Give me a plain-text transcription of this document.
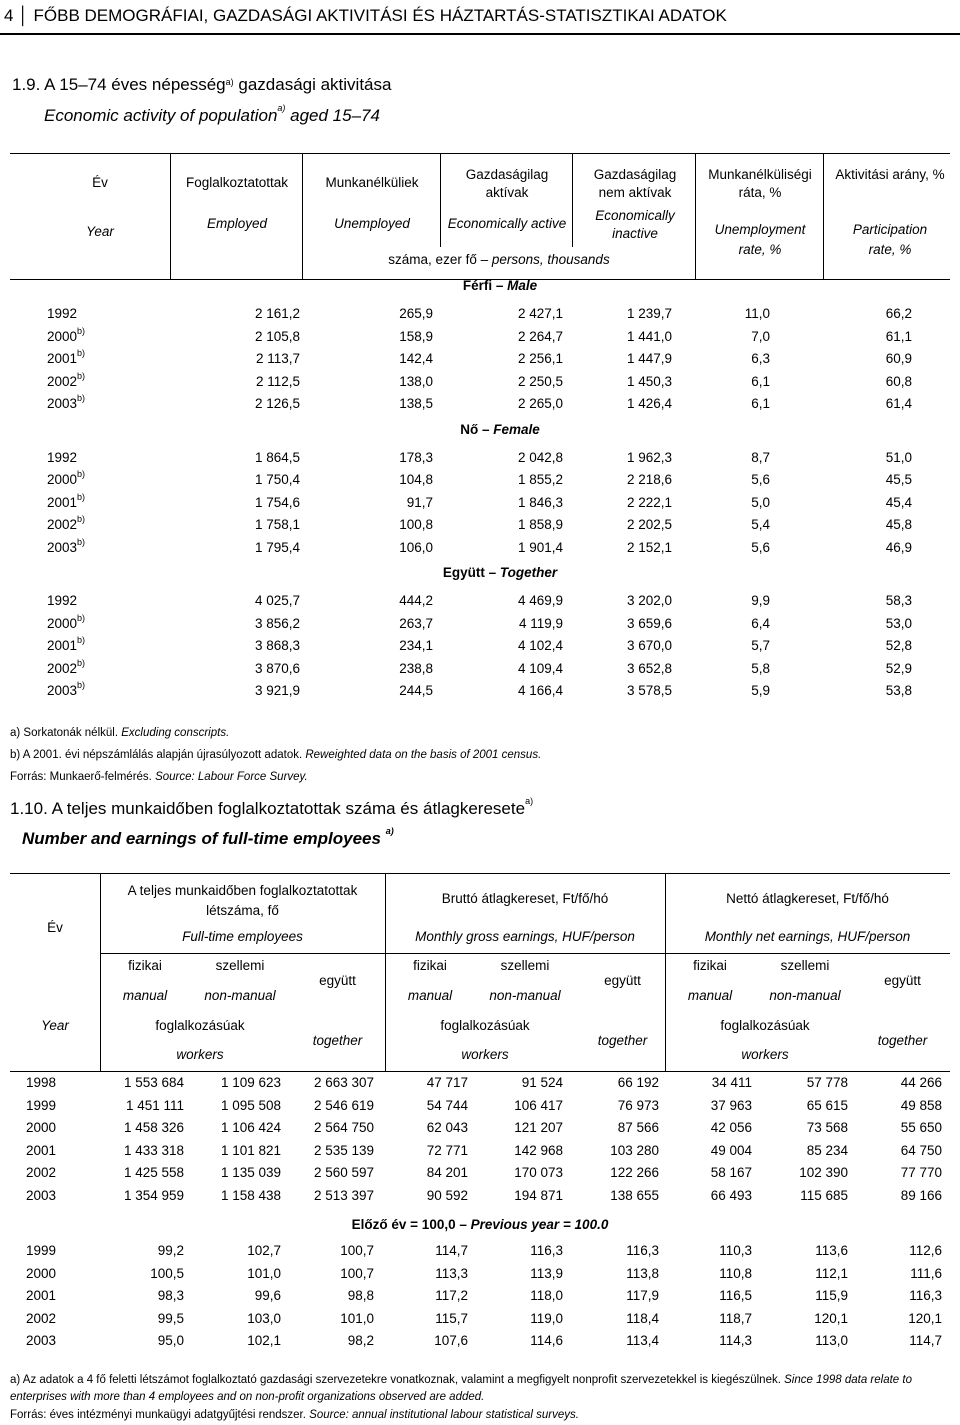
4 │ FŐBB DEMOGRÁFIAI, GAZDASÁGI AKTIVITÁSI ÉS HÁZTARTÁS-STATISZTIKAI ADATOK
1.9. A 15–74 éves népesség$^{a)}$ gazdasági aktivitása
Economic activity of population$^{a)}$ aged 15–74
Év
Year
Foglalkoztatottak
Employed
Munkanélküliek
Unemployed
Gazdaságilag aktívak
Economically active
Gazdaságilag nem aktívak
Economically inactive
Munkanélküliségi ráta, %
Unemployment rate, %
Aktivitási arány, %
Participation rate, %
száma, ezer fő – persons, thousands
Férfi – Male
1992	2 161,2	265,9	2 427,1	1 239,7	11,0	66,2
2000$^{b)}$	2 105,8	158,9	2 264,7	1 441,0	7,0	61,1
2001$^{b)}$	2 113,7	142,4	2 256,1	1 447,9	6,3	60,9
2002$^{b)}$	2 112,5	138,0	2 250,5	1 450,3	6,1	60,8
2003$^{b)}$	2 126,5	138,5	2 265,0	1 426,4	6,1	61,4
Nő – Female
1992	1 864,5	178,3	2 042,8	1 962,3	8,7	51,0
2000$^{b)}$	1 750,4	104,8	1 855,2	2 218,6	5,6	45,5
2001$^{b)}$	1 754,6	91,7	1 846,3	2 222,1	5,0	45,4
2002$^{b)}$	1 758,1	100,8	1 858,9	2 202,5	5,4	45,8
2003$^{b)}$	1 795,4	106,0	1 901,4	2 152,1	5,6	46,9
Együtt – Together
1992	4 025,7	444,2	4 469,9	3 202,0	9,9	58,3
2000$^{b)}$	3 856,2	263,7	4 119,9	3 659,6	6,4	53,0
2001$^{b)}$	3 868,3	234,1	4 102,4	3 670,0	5,7	52,8
2002$^{b)}$	3 870,6	238,8	4 109,4	3 652,8	5,8	52,9
2003$^{b)}$	3 921,9	244,5	4 166,4	3 578,5	5,9	53,8
a) Sorkatonák nélkül. Excluding conscripts.
b) A 2001. évi népszámlálás alapján újrasúlyozott adatok. Reweighted data on the basis of 2001 census.
Forrás: Munkaerő-felmérés. Source: Labour Force Survey.
1.10. A teljes munkaidőben foglalkoztatottak száma és átlagkeresete$^{a)}$
Number and earnings of full-time employees $^{a)}$
Év
Year
A teljes munkaidőben foglalkoztatottak
létszáma, fő
Full-time employees
Bruttó átlagkereset, Ft/fő/hó
Monthly gross earnings, HUF/person
Nettó átlagkereset, Ft/fő/hó
Monthly net earnings, HUF/person
fizikai
manual
szellemi
non-manual
foglalkozásúak
workers
együtt
together
fizikai
manual
szellemi
non-manual
foglalkozásúak
workers
együtt
together
fizikai
manual
szellemi
non-manual
foglalkozásúak
workers
együtt
together
1998	1 553 684	1 109 623	2 663 307	47 717	91 524	66 192	34 411	57 778	44 266
1999	1 451 111	1 095 508	2 546 619	54 744	106 417	76 973	37 963	65 615	49 858
2000	1 458 326	1 106 424	2 564 750	62 043	121 207	87 566	42 056	73 568	55 650
2001	1 433 318	1 101 821	2 535 139	72 771	142 968	103 280	49 004	85 234	64 750
2002	1 425 558	1 135 039	2 560 597	84 201	170 073	122 266	58 167	102 390	77 770
2003	1 354 959	1 158 438	2 513 397	90 592	194 871	138 655	66 493	115 685	89 166
Előző év = 100,0 – Previous year = 100.0
1999	99,2	102,7	100,7	114,7	116,3	116,3	110,3	113,6	112,6
2000	100,5	101,0	100,7	113,3	113,9	113,8	110,8	112,1	111,6
2001	98,3	99,6	98,8	117,2	118,0	117,9	116,5	115,9	116,3
2002	99,5	103,0	101,0	115,7	119,0	118,4	118,7	120,1	120,1
2003	95,0	102,1	98,2	107,6	114,6	113,4	114,3	113,0	114,7
a) Az adatok a 4 fő feletti létszámot foglalkoztató gazdasági szervezetekre vonatkoznak, valamint a megfigyelt nonprofit szervezetekkel is kiegészülnek. Since 1998 data relate to
enterprises with more than 4 employees and on non-profit organizations observed are added.
Forrás: éves intézményi munkaügyi adatgyűjtési rendszer. Source: annual institutional labour statistical surveys.
